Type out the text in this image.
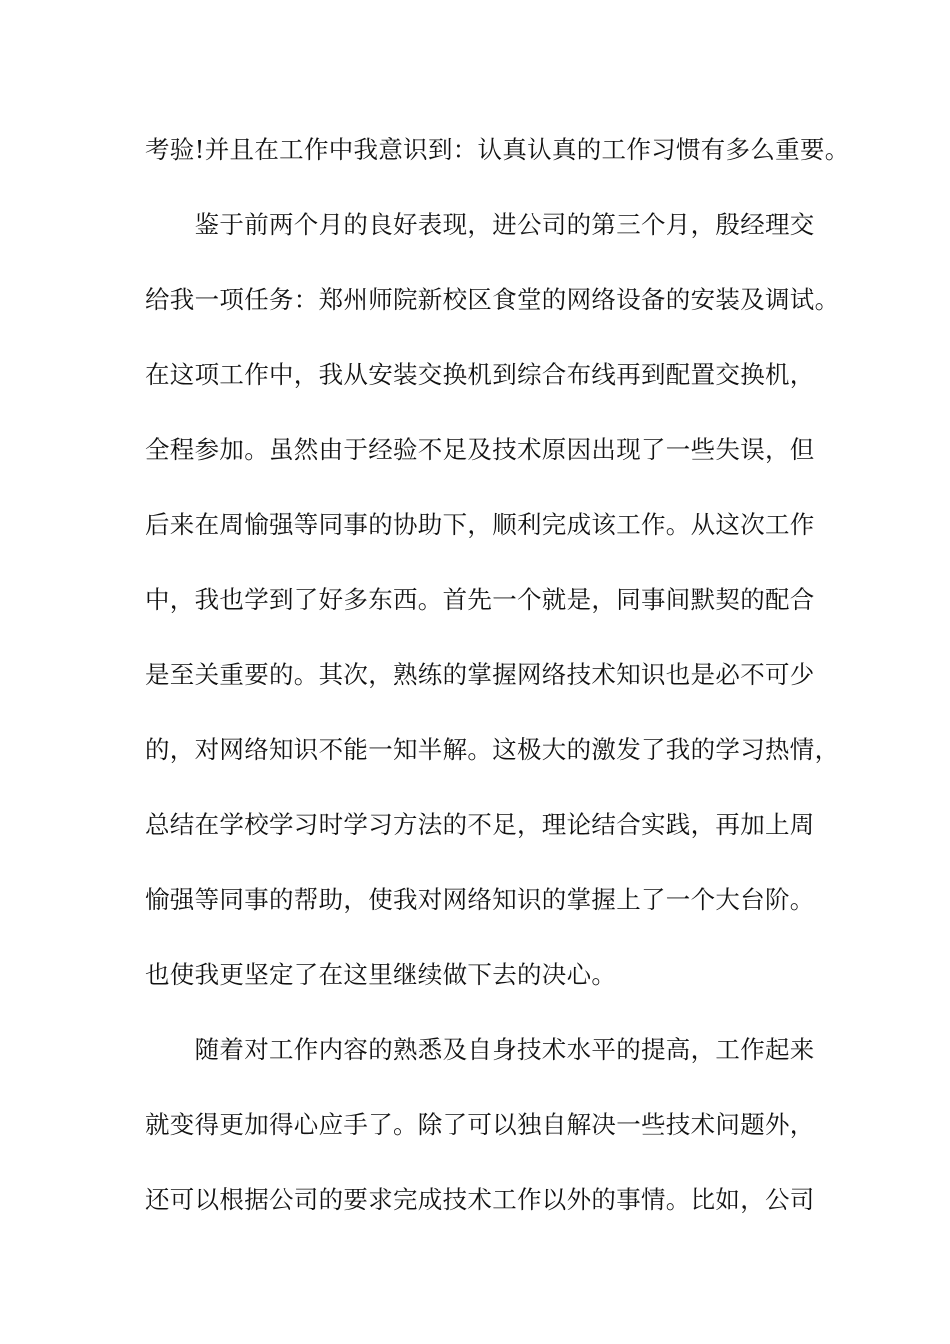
考验!并且在工作中我意识到：认真认真的工作习惯有多么重要。
　　鉴于前两个月的良好表现，进公司的第三个月，殷经理交
给我一项任务：郑州师院新校区食堂的网络设备的安装及调试。
在这项工作中，我从安装交换机到综合布线再到配置交换机，
全程参加。虽然由于经验不足及技术原因出现了一些失误，但
后来在周愉强等同事的协助下，顺利完成该工作。从这次工作
中，我也学到了好多东西。首先一个就是，同事间默契的配合
是至关重要的。其次，熟练的掌握网络技术知识也是必不可少
的，对网络知识不能一知半解。这极大的激发了我的学习热情，
总结在学校学习时学习方法的不足，理论结合实践，再加上周
愉强等同事的帮助，使我对网络知识的掌握上了一个大台阶。
也使我更坚定了在这里继续做下去的决心。
　　随着对工作内容的熟悉及自身技术水平的提高，工作起来
就变得更加得心应手了。除了可以独自解决一些技术问题外，
还可以根据公司的要求完成技术工作以外的事情。比如，公司
